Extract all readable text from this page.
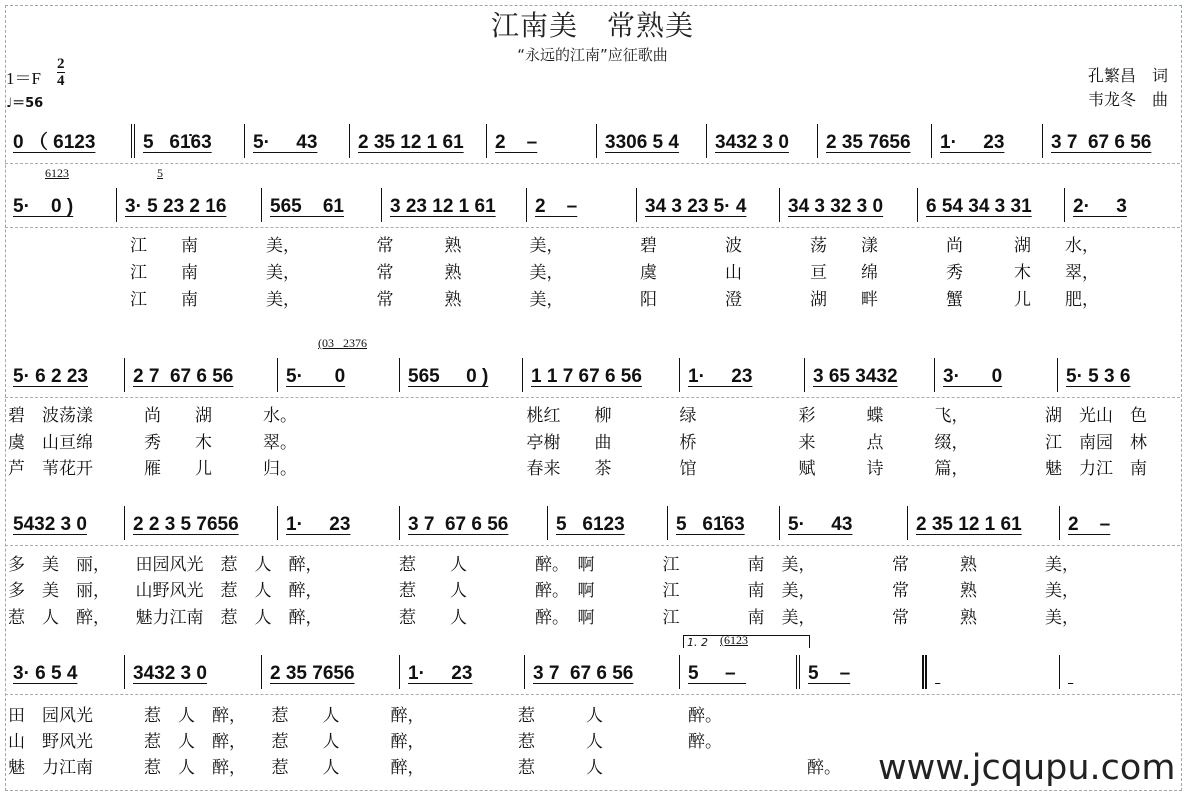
江南美　常熟美
“永远的江南”应征歌曲
$1=F \frac{2}{4}$
♩＝56
孔繁昌　词
韦龙冬　曲
0 （ 6123	5   61̇63 5·     43 2 35 12 1 61 2    –	3306 5 4 3432 3 0 2 35 7656 1·     23 3 7  67 6 56
5·    0 )
6123
3· 5 23 2 16
5
565    61 3 23 12 1 61 2    –	34 3 23 5· 4 34 3 32 3 0 6 54 34 3 31 2·     3
5· 6 2 23 2 7  67 6 56	5·      0
(03   2376
565     0 ) 1 1 7 67 6 56 1·     23	3 65 3432 3·      0	5· 5 3 6
5432 3 0 2 2 3 5 7656 1·     23	3 7  67 6 56	5   6123	5   61̇63 5·     43	2 35 12 1 61 2    –
3· 6 5 4	3432 3 0	2 35 7656	1·     23	3 7  67 6 56	5     –
(6123
5    –

1. 2
江　　南　　　　美，　　　　　常　　　熟　　　　美，　　　　　碧　　　　波　　　　荡　　漾　　　　尚　　　湖　　水，
江　　南　　　　美，　　　　　常　　　熟　　　　美，　　　　　虞　　　　山　　　　亘　　绵　　　　秀　　　木　　翠，
江　　南　　　　美，　　　　　常　　　熟　　　　美，　　　　　阳　　　　澄　　　　湖　　畔　　　　蟹　　　儿　　肥，
碧　波荡漾　　　尚　　湖　　　水。　　　　　　　　　　　　　　桃红　　柳　　　　绿　　　　　　彩　　　蝶　　　飞，　　　　　湖　光山　色
虞　山亘绵　　　秀　　木　　　翠。　　　　　　　　　　　　　　亭榭　　曲　　　　桥　　　　　　来　　　点　　　缀，　　　　　江　南园　林
芦　苇花开　　　雁　　儿　　　归。　　　　　　　　　　　　　　春来　　茶　　　　馆　　　　　　赋　　　诗　　　篇，　　　　　魅　力江　南
多　美　丽，　　田园风光　惹　人　醉，　　　　　惹　　人　　　　醉。　啊　　　　江　　　　南　美，　　　　　常　　　熟　　　　美，
多　美　丽，　　山野风光　惹　人　醉，　　　　　惹　　人　　　　醉。　啊　　　　江　　　　南　美，　　　　　常　　　熟　　　　美，
惹　人　醉，　　魅力江南　惹　人　醉，　　　　　惹　　人　　　　醉。　啊　　　　江　　　　南　美，　　　　　常　　　熟　　　　美，
田　园风光　　　惹　人　醉，　　惹　　人　　　醉，　　　　　　惹　　　人　　　　　醉。
山　野风光　　　惹　人　醉，　　惹　　人　　　醉，　　　　　　惹　　　人　　　　　醉。
魅　力江南　　　惹　人　醉，　　惹　　人　　　醉，　　　　　　惹　　　人　　　　　　　　　　　　醉。 www.jcqupu.com
